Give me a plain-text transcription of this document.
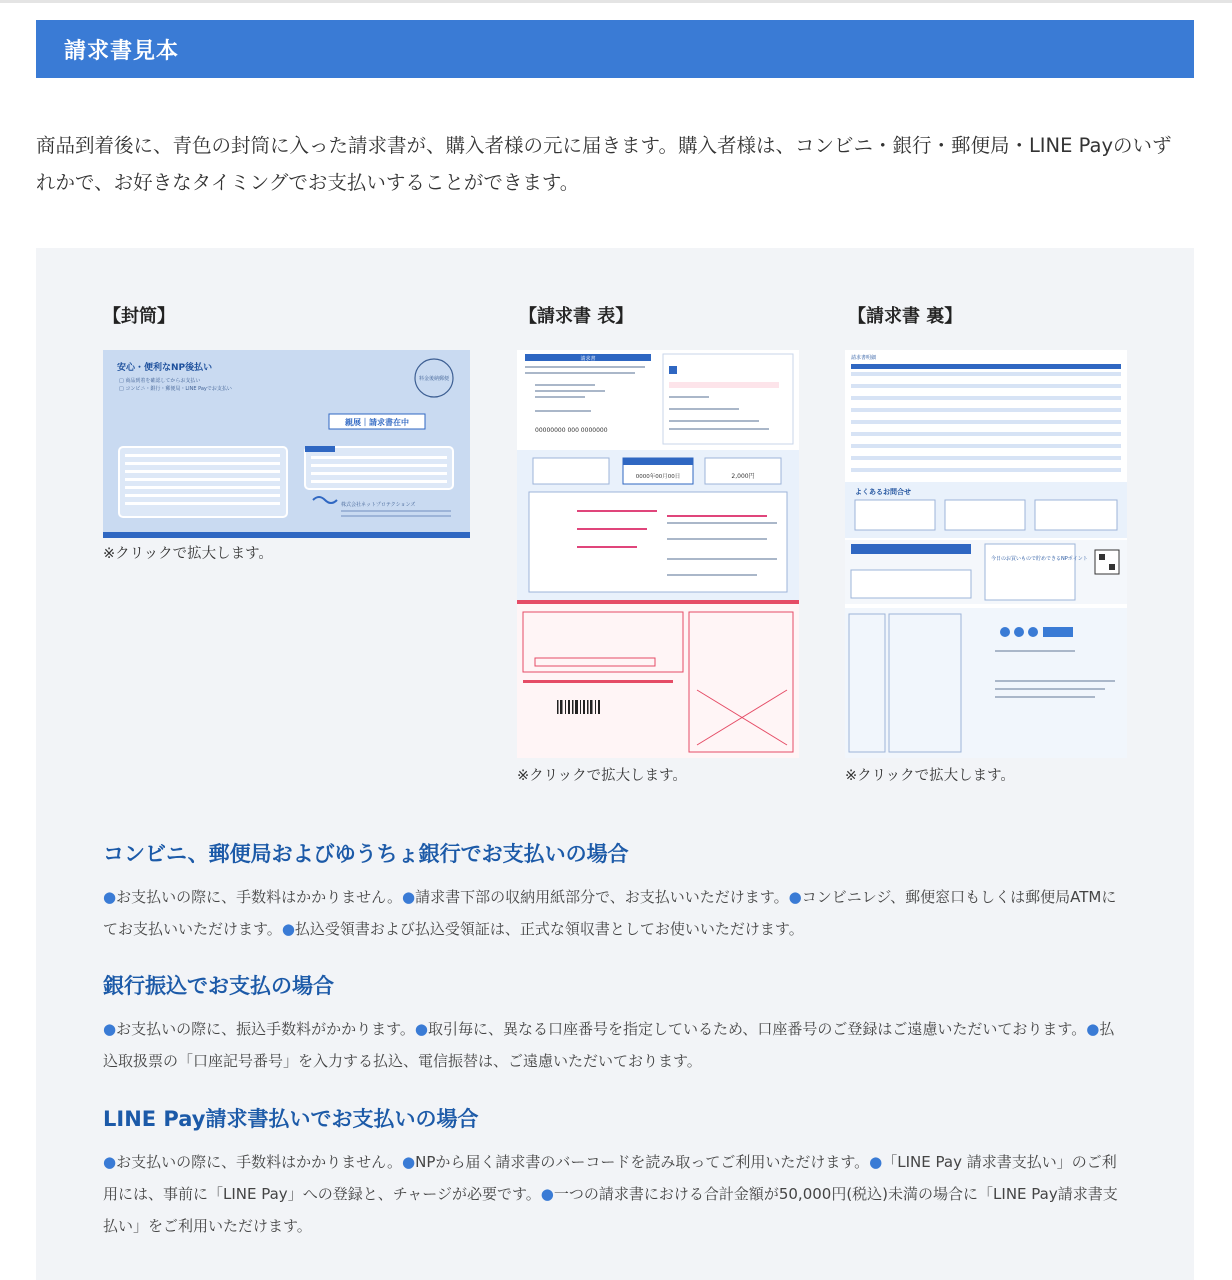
請求書見本

商品到着後に、青色の封筒に入った請求書が、購入者様の元に届きます。購入者様は、コンビニ・銀行・郵便局・LINE Payのいずれかで、お好きなタイミングでお支払いすることができます。

【封筒】
安心・便利なNP後払い
□ 商品到着を確認してからお支払い
□ コンビニ・銀行・郵便局・LINE Payでお支払い
料金後納郵便
親展｜請求書在中
株式会社ネットプロテクションズ
※クリックで拡大します。
【請求書 表】
請求書
00000000 000 0000000
0000年00月00日	2,000円
※クリックで拡大します。
【請求書 裏】
請求書明細
よくあるお問合せ
今日のお買いもので貯めできるNPポイント
※クリックで拡大します。
コンビニ、郵便局およびゆうちょ銀行でお支払いの場合

●お支払いの際に、手数料はかかりません。●請求書下部の収納用紙部分で、お支払いいただけます。●コンビニレジ、郵便窓口もしくは郵便局ATMにてお支払いいただけます。●払込受領書および払込受領証は、正式な領収書としてお使いいただけます。

銀行振込でお支払の場合

●お支払いの際に、振込手数料がかかります。●取引毎に、異なる口座番号を指定しているため、口座番号のご登録はご遠慮いただいております。●払込取扱票の「口座記号番号」を入力する払込、電信振替は、ご遠慮いただいております。

LINE Pay請求書払いでお支払いの場合

●お支払いの際に、手数料はかかりません。●NPから届く請求書のバーコードを読み取ってご利用いただけます。●「LINE Pay 請求書支払い」のご利用には、事前に「LINE Pay」への登録と、チャージが必要です。●一つの請求書における合計金額が50,000円(税込)未満の場合に「LINE Pay請求書支払い」をご利用いただけます。
